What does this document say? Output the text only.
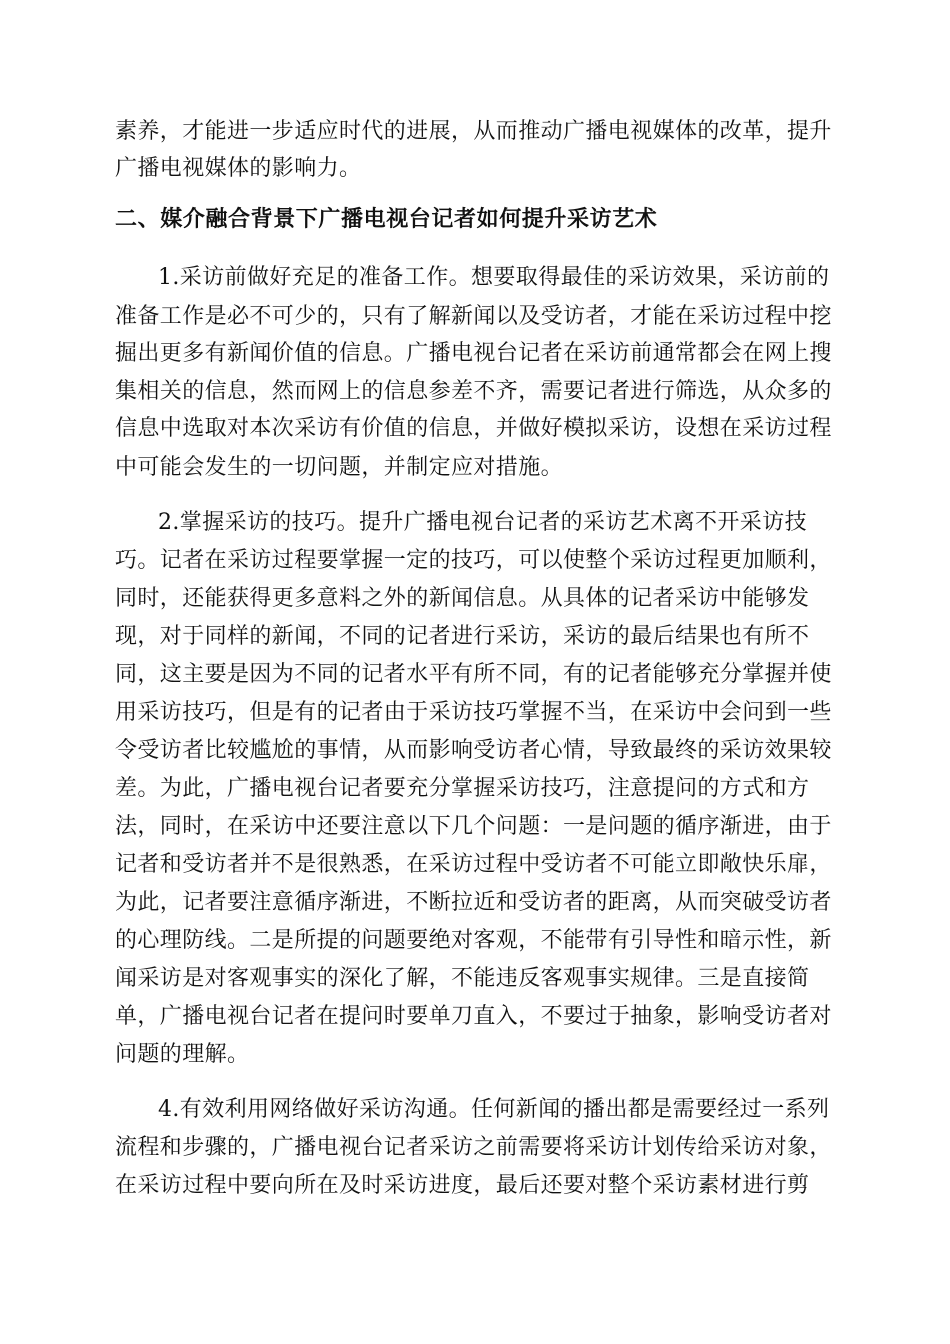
素养，才能进一步适应时代的进展，从而推动广播电视媒体的改革，提升

广播电视媒体的影响力。

二、媒介融合背景下广播电视台记者如何提升采访艺术

1.采访前做好充足的准备工作。想要取得最佳的采访效果，采访前的

准备工作是必不可少的，只有了解新闻以及受访者，才能在采访过程中挖

掘出更多有新闻价值的信息。广播电视台记者在采访前通常都会在网上搜

集相关的信息，然而网上的信息参差不齐，需要记者进行筛选，从众多的

信息中选取对本次采访有价值的信息，并做好模拟采访，设想在采访过程

中可能会发生的一切问题，并制定应对措施。

2.掌握采访的技巧。提升广播电视台记者的采访艺术离不开采访技

巧。记者在采访过程要掌握一定的技巧，可以使整个采访过程更加顺利，

同时，还能获得更多意料之外的新闻信息。从具体的记者采访中能够发

现，对于同样的新闻，不同的记者进行采访，采访的最后结果也有所不

同，这主要是因为不同的记者水平有所不同，有的记者能够充分掌握并使

用采访技巧，但是有的记者由于采访技巧掌握不当，在采访中会问到一些

令受访者比较尴尬的事情，从而影响受访者心情，导致最终的采访效果较

差。为此，广播电视台记者要充分掌握采访技巧，注意提问的方式和方

法，同时，在采访中还要注意以下几个问题：一是问题的循序渐进，由于

记者和受访者并不是很熟悉，在采访过程中受访者不可能立即敞快乐扉，

为此，记者要注意循序渐进，不断拉近和受访者的距离，从而突破受访者

的心理防线。二是所提的问题要绝对客观，不能带有引导性和暗示性，新

闻采访是对客观事实的深化了解，不能违反客观事实规律。三是直接简

单，广播电视台记者在提问时要单刀直入，不要过于抽象，影响受访者对

问题的理解。

4.有效利用网络做好采访沟通。任何新闻的播出都是需要经过一系列

流程和步骤的，广播电视台记者采访之前需要将采访计划传给采访对象，

在采访过程中要向所在及时采访进度，最后还要对整个采访素材进行剪
